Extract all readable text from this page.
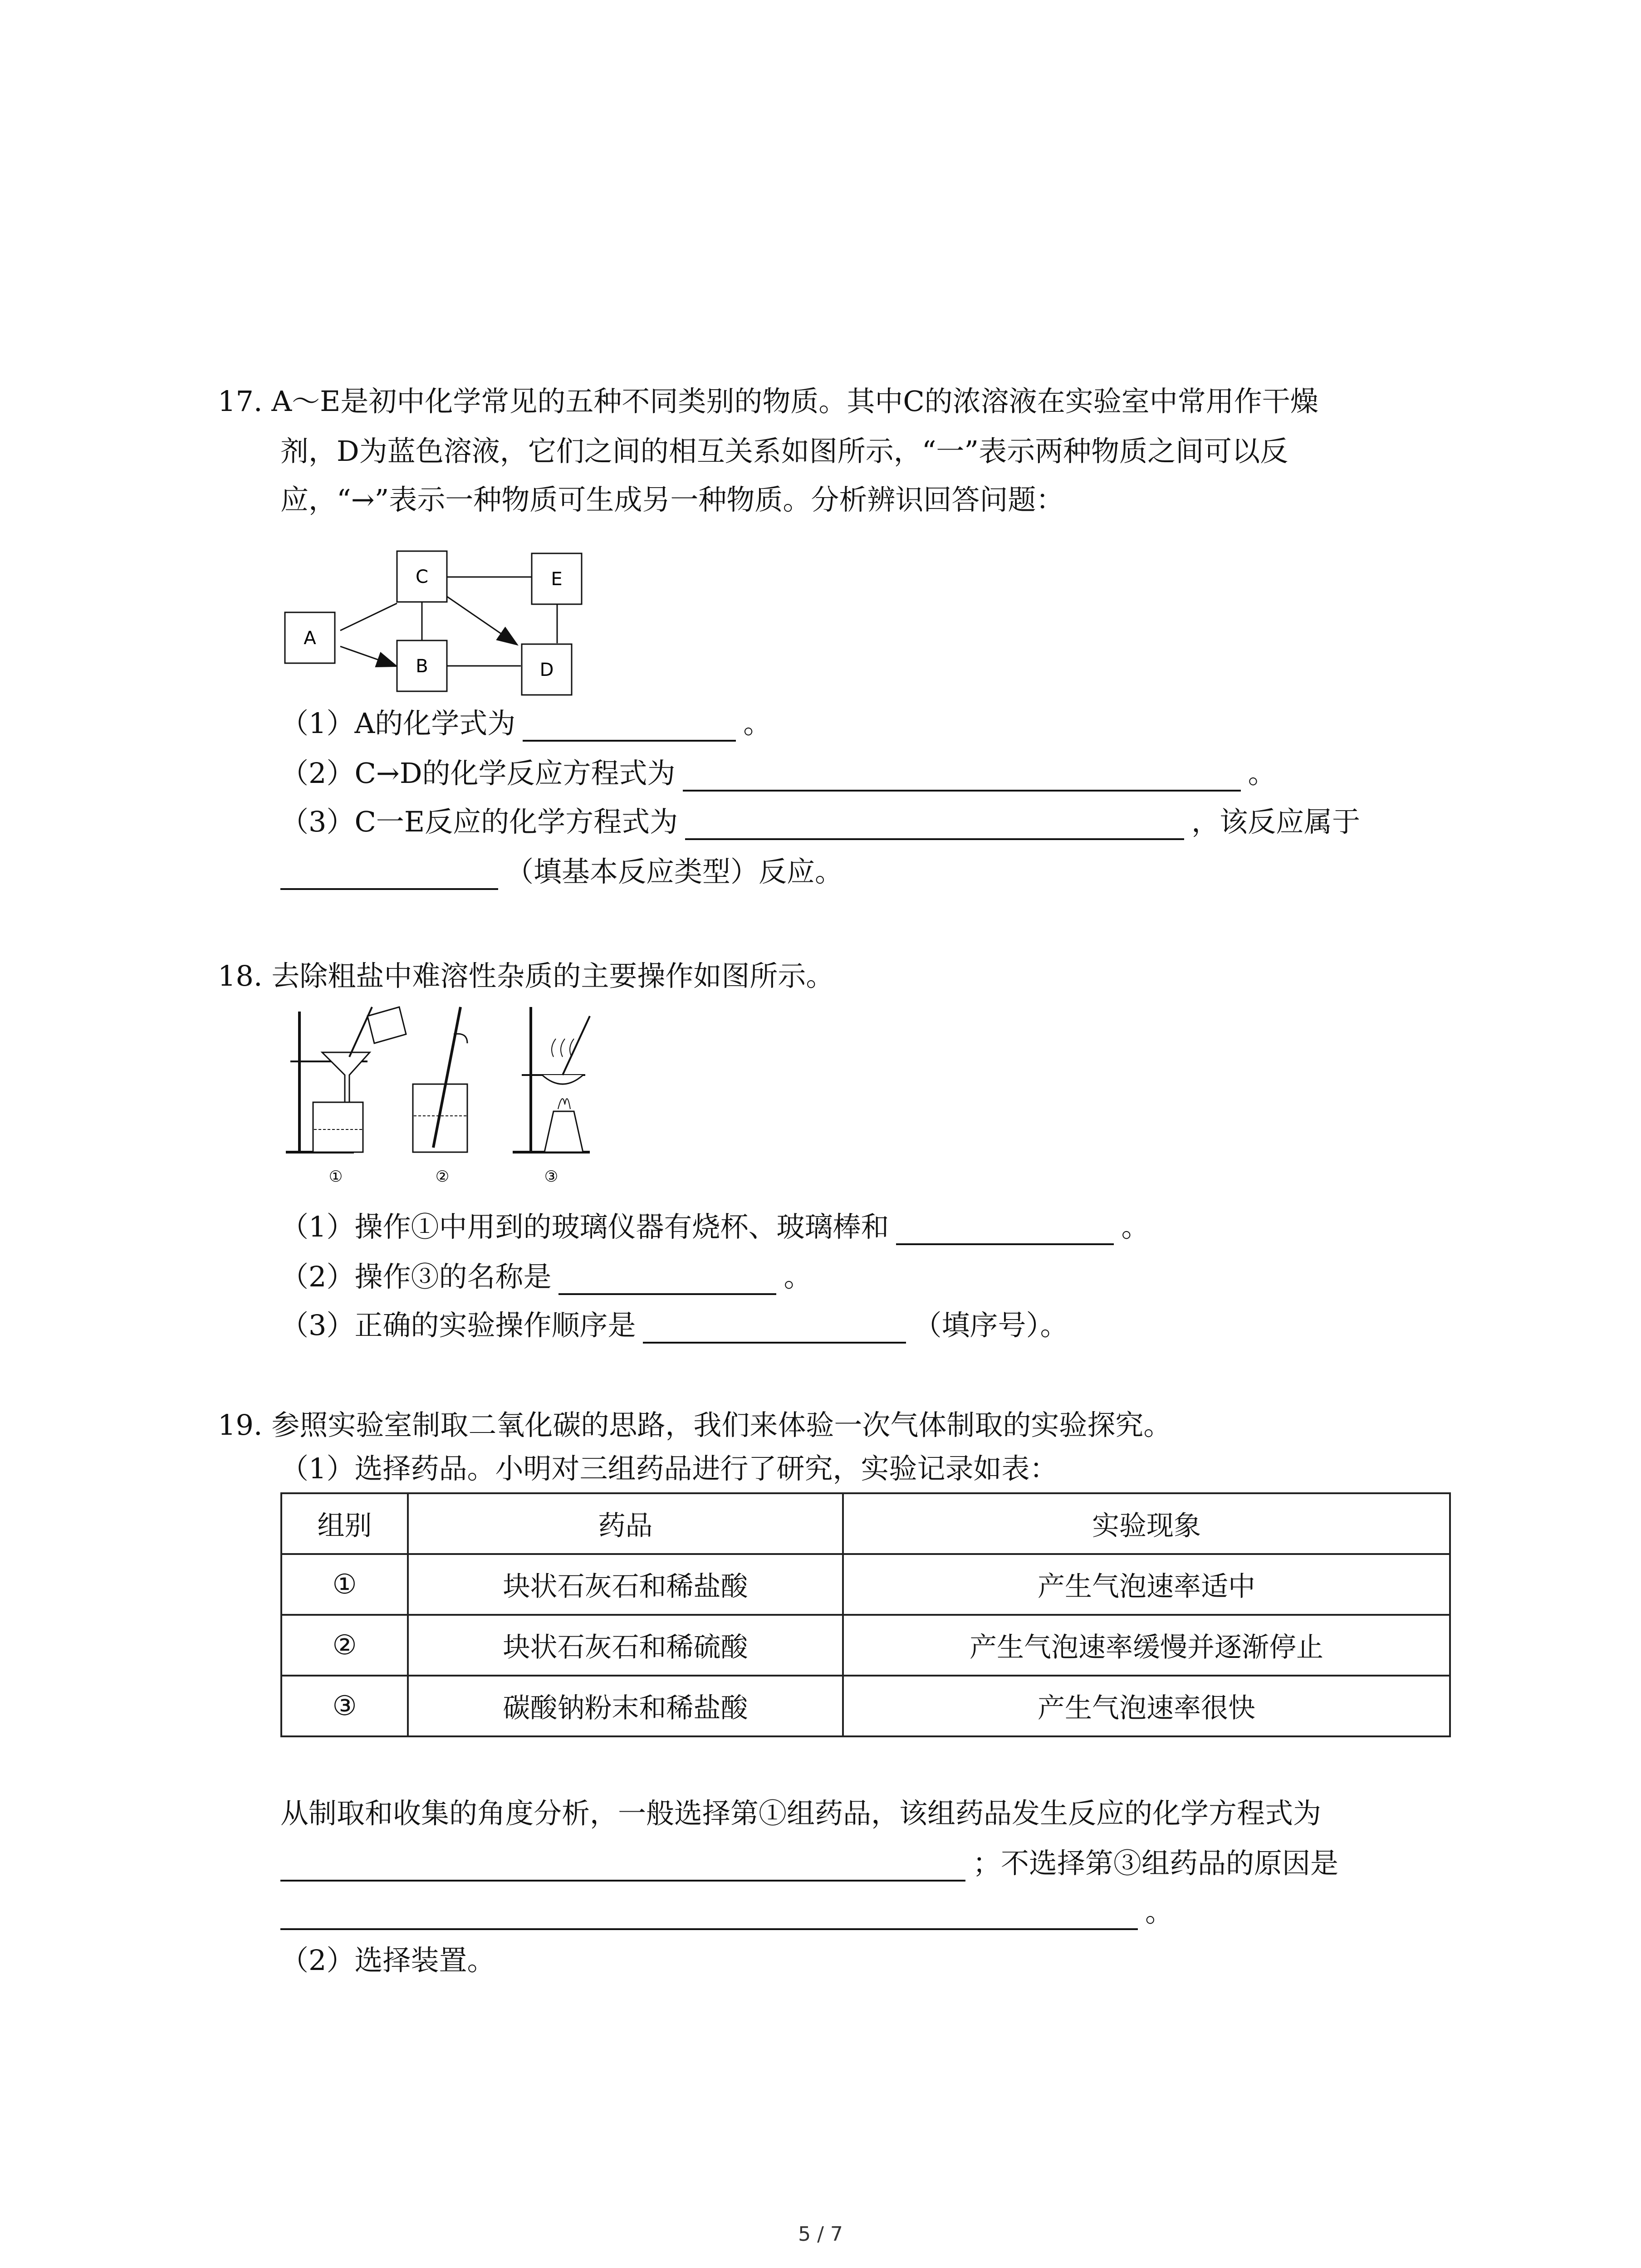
17. A～E是初中化学常见的五种不同类别的物质。其中C的浓溶液在实验室中常用作干燥
剂，D为蓝色溶液，它们之间的相互关系如图所示，“一”表示两种物质之间可以反
应，“→”表示一种物质可生成另一种物质。分析辨识回答问题：
A
C	E
B	D
（1）A的化学式为	。
（2）C→D的化学反应方程式为	。
（3）C一E反应的化学方程式为	，该反应属于
（填基本反应类型）反应。
18. 去除粗盐中难溶性杂质的主要操作如图所示。
①	②	③
（1）操作①中用到的玻璃仪器有烧杯、玻璃棒和	。
（2）操作③的名称是	。
（3）正确的实验操作顺序是	（填序号）。
19. 参照实验室制取二氧化碳的思路，我们来体验一次气体制取的实验探究。
（1）选择药品。小明对三组药品进行了研究，实验记录如表：
组别	药品	实验现象
①	块状石灰石和稀盐酸	产生气泡速率适中
②	块状石灰石和稀硫酸	产生气泡速率缓慢并逐渐停止
③	碳酸钠粉末和稀盐酸	产生气泡速率很快
从制取和收集的角度分析，一般选择第①组药品，该组药品发生反应的化学方程式为
；不选择第③组药品的原因是
。
（2）选择装置。
5 / 7
